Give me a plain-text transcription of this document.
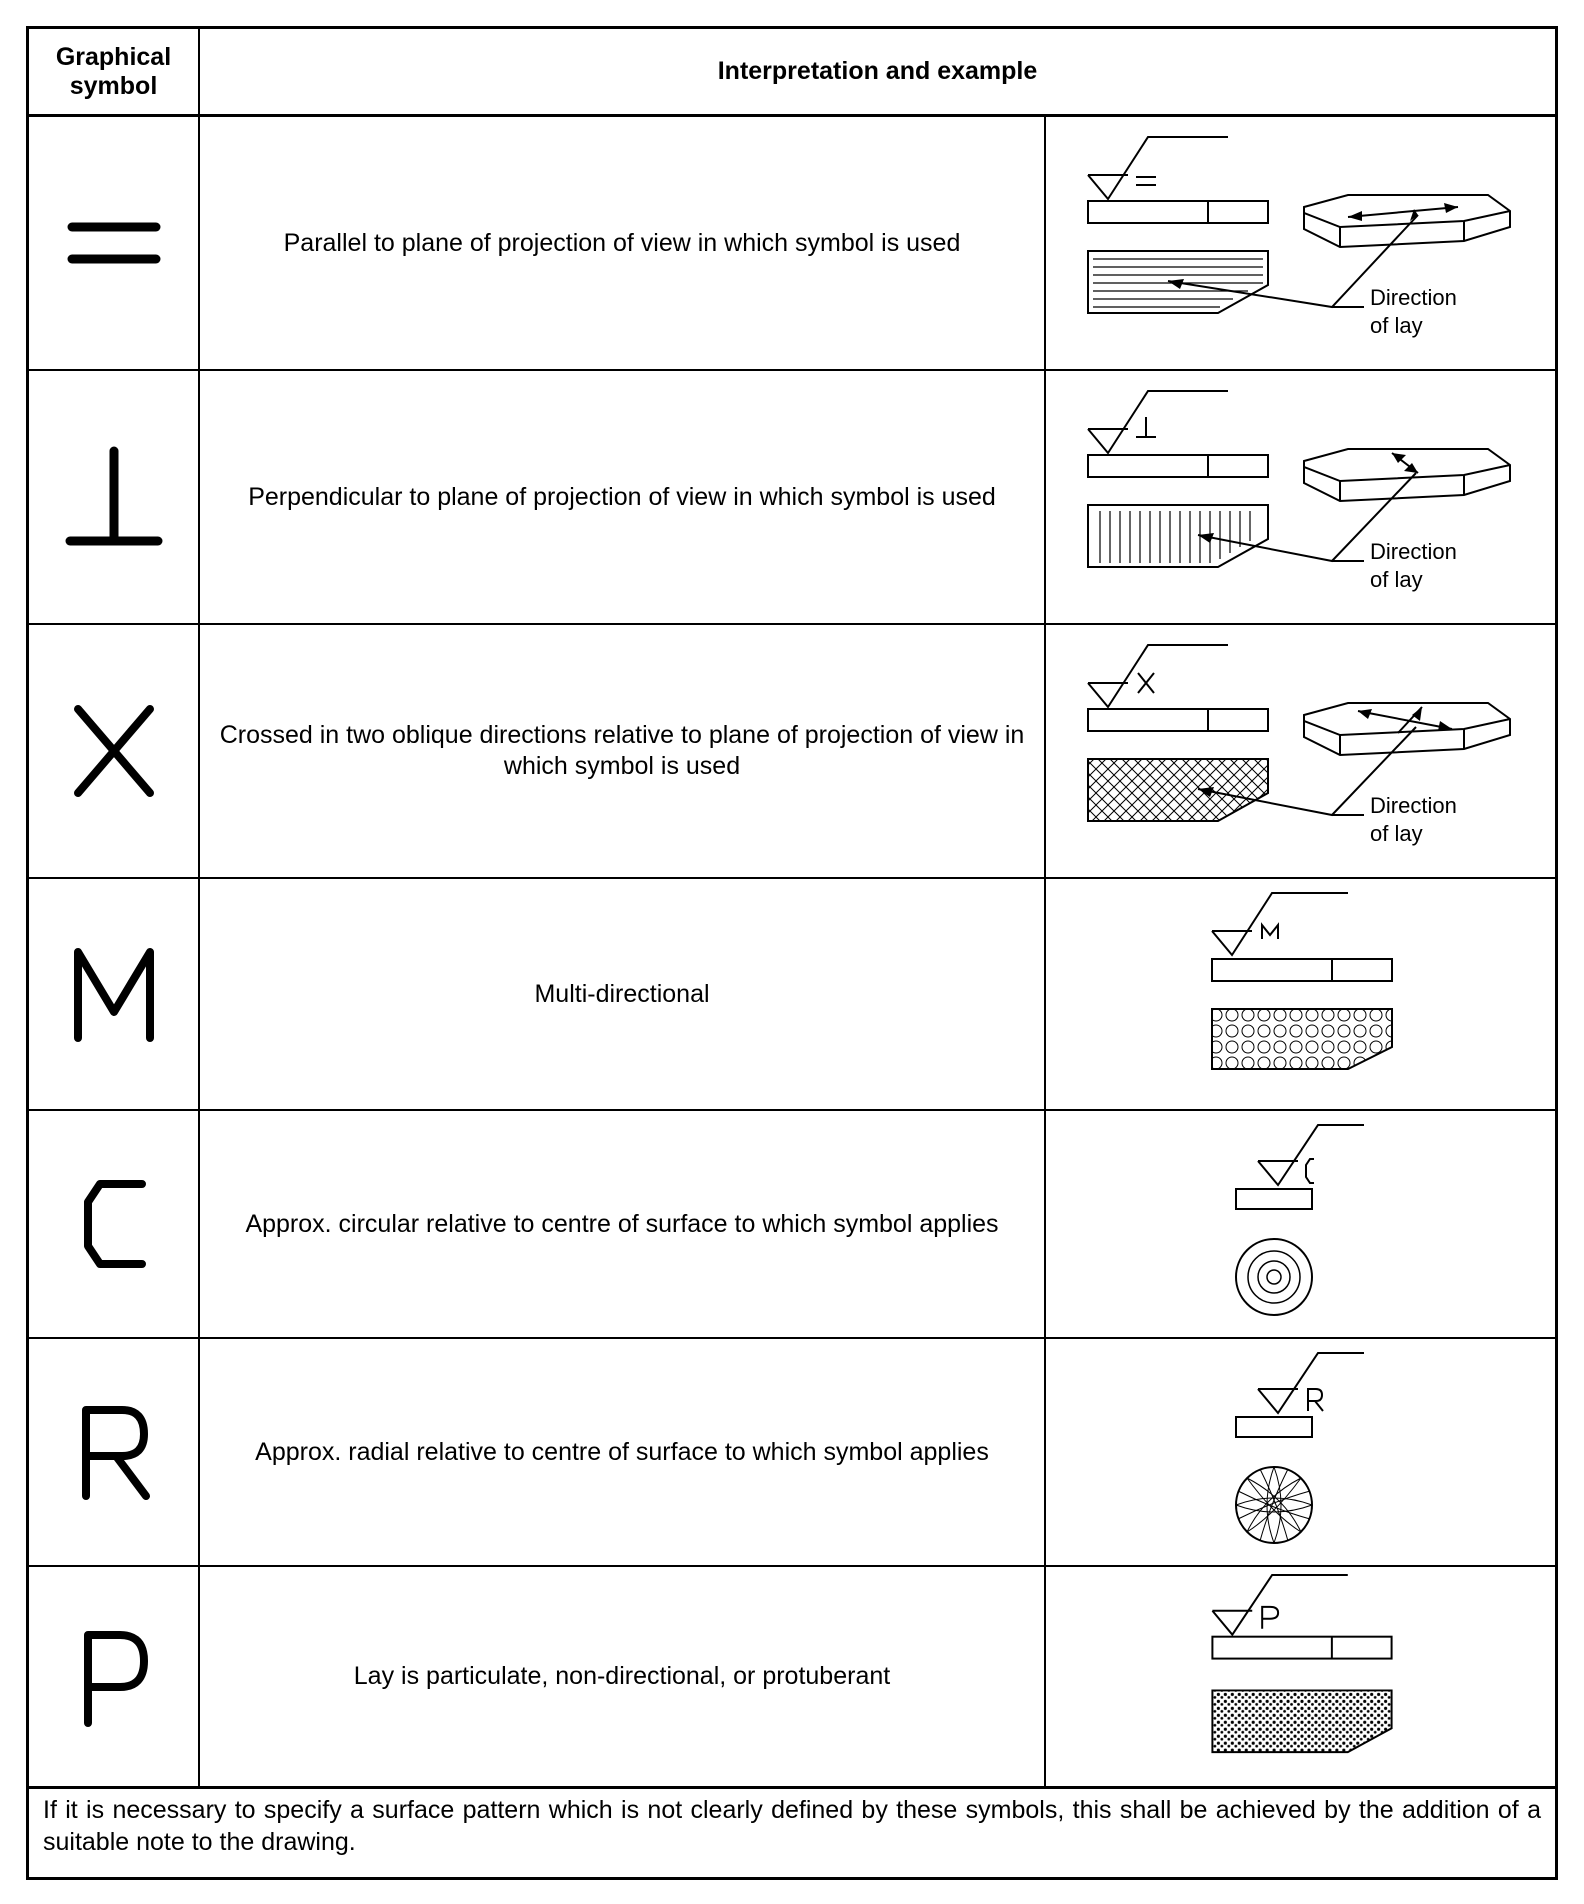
Graphical symbol
Interpretation and example
Parallel to plane of projection of view in which symbol is used
Direction
of lay
Perpendicular to plane of projection of view in which symbol is used
Direction
of lay
Crossed in two oblique directions relative to plane of projection of view in which symbol is used
Direction
of lay
Multi-directional
Approx. circular relative to centre of surface to which symbol applies
Approx. radial relative to centre of surface to which symbol applies
Lay is particulate, non-directional, or protuberant
If it is necessary to specify a surface pattern which is not clearly defined by these symbols, this shall be achieved by the addition of a suitable note to the drawing.
